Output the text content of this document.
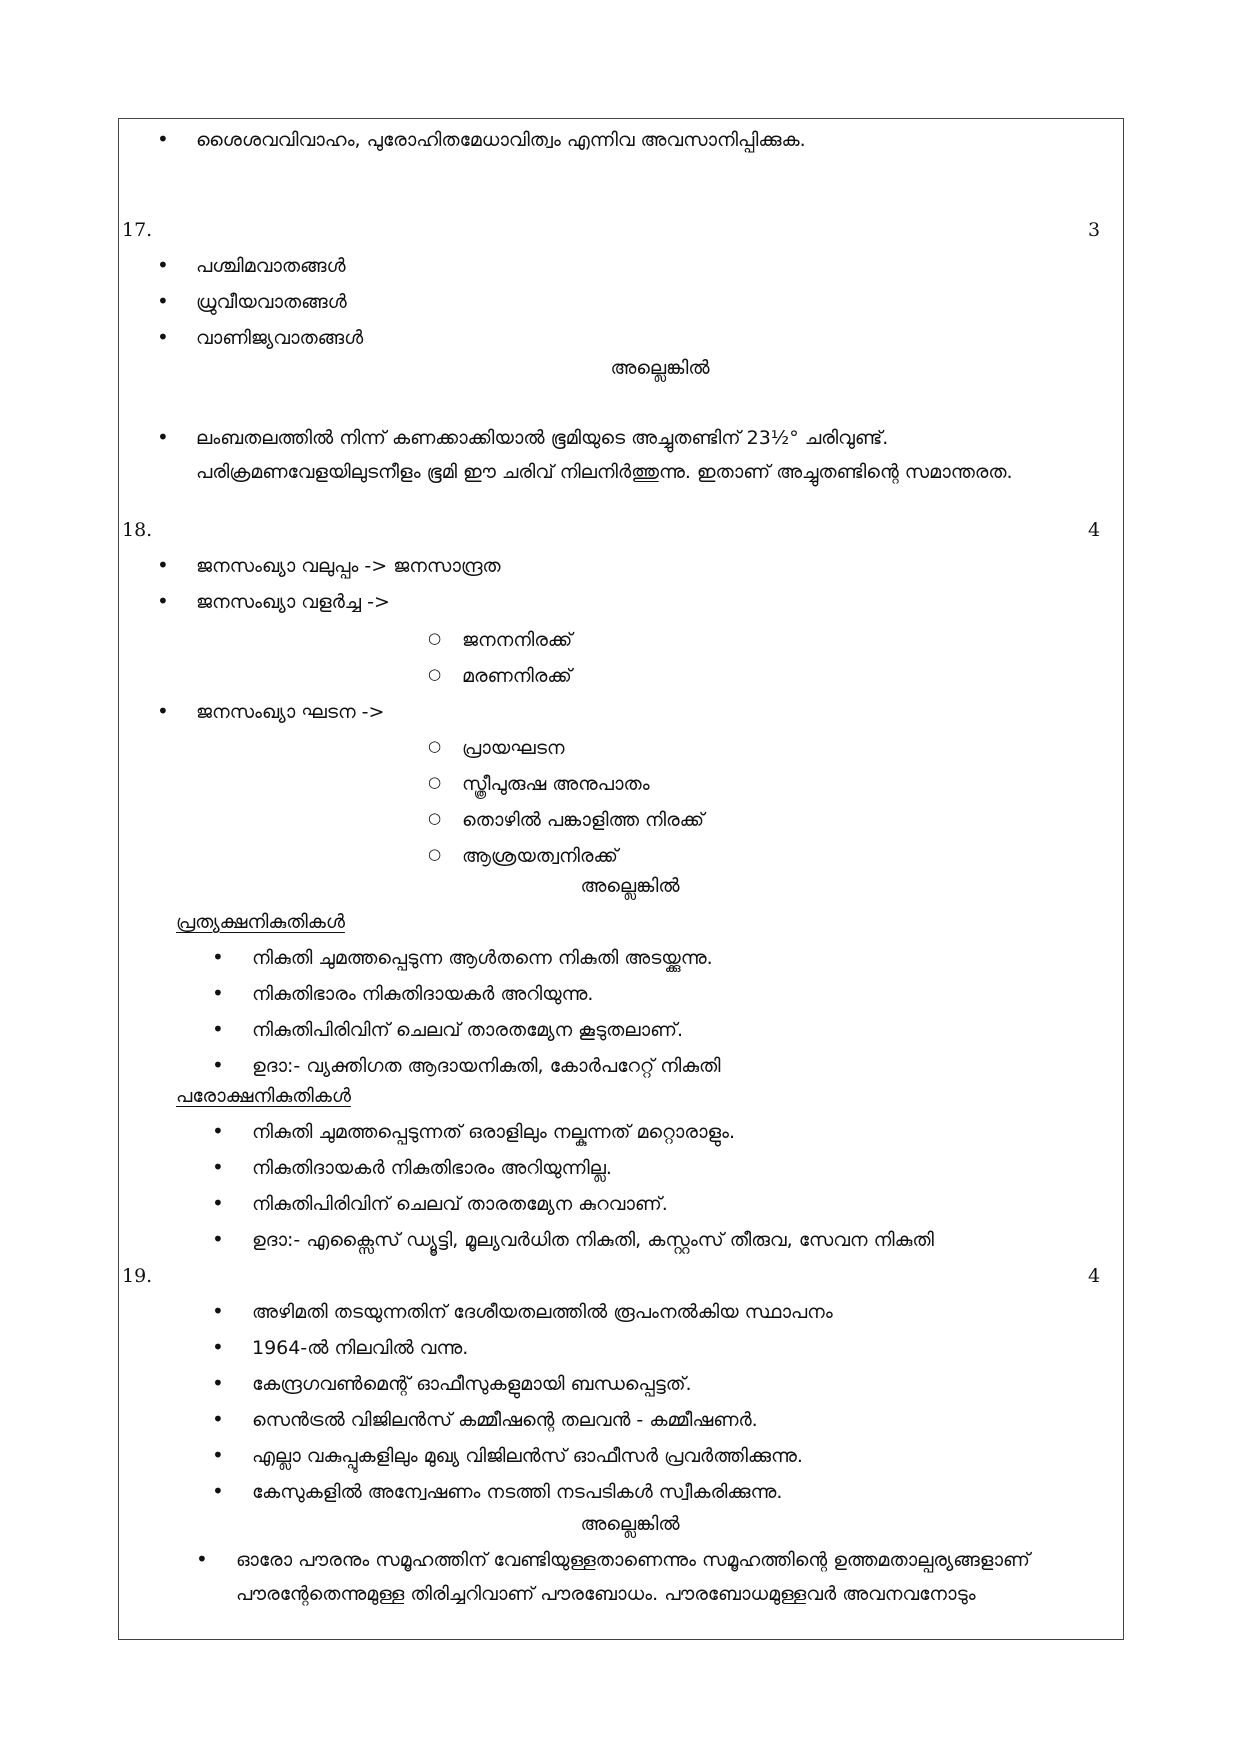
• ശൈശവവിവാഹം, പുരോഹിതമേധാവിത്വം എന്നിവ അവസാനിപ്പിക്കുക.
17.	3
• പശ്ചിമവാതങ്ങൾ
• ധ്രുവീയവാതങ്ങൾ
• വാണിജ്യവാതങ്ങൾ
അല്ലെങ്കിൽ
• ലംബതലത്തിൽ നിന്ന് കണക്കാക്കിയാൽ ഭൂമിയുടെ അച്ചുതണ്ടിന് 23½° ചരിവുണ്ട്.
പരിക്രമണവേളയിലുടനീളം ഭൂമി ഈ ചരിവ് നിലനിർത്തുന്നു. ഇതാണ് അച്ചുതണ്ടിന്റെ സമാന്തരത.
18.	4
• ജനസംഖ്യാ വലുപ്പം -> ജനസാന്ദ്രത
• ജനസംഖ്യാ വളർച്ച ->
○ ജനനനിരക്ക്
○ മരണനിരക്ക്
• ജനസംഖ്യാ ഘടന ->
○ പ്രായഘടന
○ സ്ത്രീപുരുഷ അനുപാതം
○ തൊഴിൽ പങ്കാളിത്ത നിരക്ക്
○ ആശ്രയത്വനിരക്ക്
അല്ലെങ്കിൽ
പ്രത്യക്ഷനികുതികൾ
• നികുതി ചുമത്തപ്പെടുന്ന ആൾതന്നെ നികുതി അടയ്ക്കുന്നു.
• നികുതിഭാരം നികുതിദായകർ അറിയുന്നു.
• നികുതിപിരിവിന് ചെലവ് താരതമ്യേന കൂടുതലാണ്.
• ഉദാ:- വ്യക്തിഗത ആദായനികുതി, കോർപറേറ്റ് നികുതി
പരോക്ഷനികുതികൾ
• നികുതി ചുമത്തപ്പെടുന്നത് ഒരാളിലും നല്കുന്നത് മറ്റൊരാളും.
• നികുതിദായകർ നികുതിഭാരം അറിയുന്നില്ല.
• നികുതിപിരിവിന് ചെലവ് താരതമ്യേന കുറവാണ്.
• ഉദാ:- എക്സൈസ് ഡ്യൂട്ടി, മൂല്യവർധിത നികുതി, കസ്റ്റംസ് തീരുവ, സേവന നികുതി
19.	4
• അഴിമതി തടയുന്നതിന് ദേശീയതലത്തിൽ രൂപംനൽകിയ സ്ഥാപനം
• 1964-ൽ നിലവിൽ വന്നു.
• കേന്ദ്രഗവൺമെന്റ് ഓഫീസുകളുമായി ബന്ധപ്പെട്ടത്.
• സെൻട്രൽ വിജിലൻസ് കമ്മീഷന്റെ തലവൻ - കമ്മീഷണർ.
• എല്ലാ വകുപ്പുകളിലും മുഖ്യ വിജിലൻസ് ഓഫീസർ പ്രവർത്തിക്കുന്നു.
• കേസുകളിൽ അന്വേഷണം നടത്തി നടപടികൾ സ്വീകരിക്കുന്നു.
അല്ലെങ്കിൽ
• ഓരോ പൗരനും സമൂഹത്തിന് വേണ്ടിയുള്ളതാണെന്നും സമൂഹത്തിന്റെ ഉത്തമതാല്പര്യങ്ങളാണ്
പൗരന്റേതെന്നുമുള്ള തിരിച്ചറിവാണ് പൗരബോധം. പൗരബോധമുള്ളവർ അവനവനോടും
